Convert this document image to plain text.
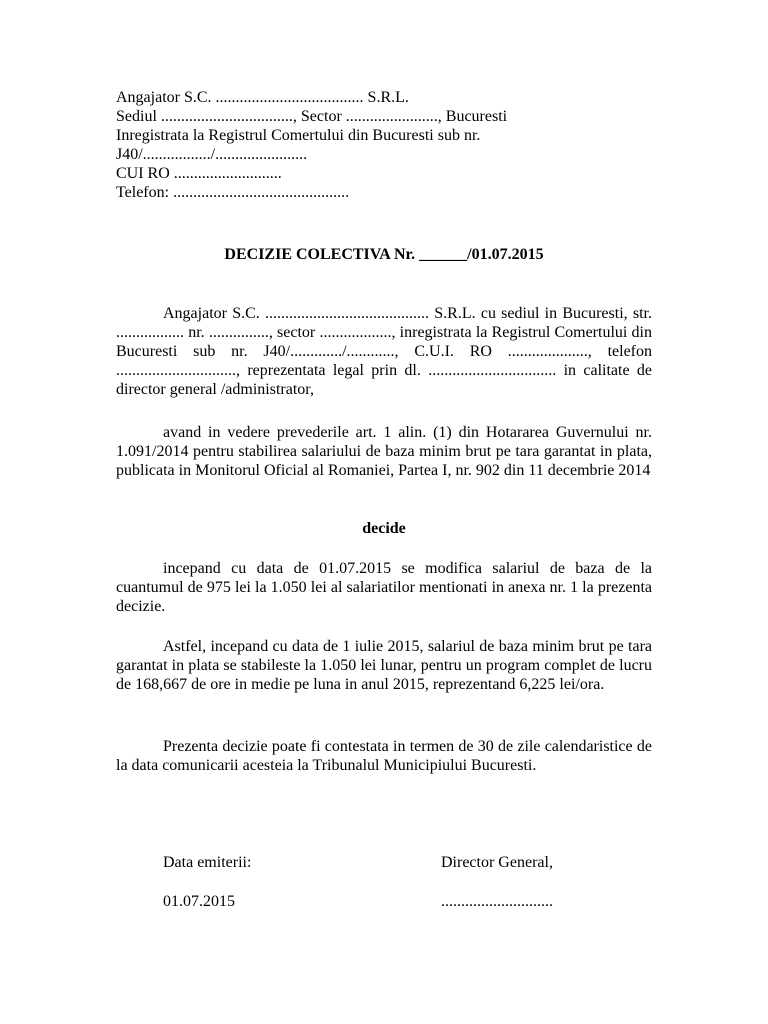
Angajator S.C. ..................................... S.R.L.
Sediul ................................., Sector ......................., Bucuresti
Inregistrata la Registrul Comertului din Bucuresti sub nr.
J40/................./.......................
CUI RO ...........................
Telefon: ............................................
DECIZIE COLECTIVA Nr. ______/01.07.2015
Angajator S.C. ......................................... S.R.L. cu sediul in Bucuresti, str. ................. nr. ..............., sector .................., inregistrata la Registrul Comertului din Bucuresti sub nr. J40/............./............, C.U.I. RO ...................., telefon .............................., reprezentata legal prin dl. ................................ in calitate de director general /administrator,
avand in vedere prevederile art. 1 alin. (1) din Hotararea Guvernului nr. 1.091/2014 pentru stabilirea salariului de baza minim brut pe tara garantat in plata, publicata in Monitorul Oficial al Romaniei, Partea I, nr. 902 din 11 decembrie 2014
decide
incepand cu data de 01.07.2015 se modifica salariul de baza de la cuantumul de 975 lei la 1.050 lei al salariatilor mentionati in anexa nr. 1 la prezenta decizie.
Astfel, incepand cu data de 1 iulie 2015, salariul de baza minim brut pe tara garantat in plata se stabileste la 1.050 lei lunar, pentru un program complet de lucru de 168,667 de ore in medie pe luna in anul 2015, reprezentand 6,225 lei/ora.
Prezenta decizie poate fi contestata in termen de 30 de zile calendaristice de la data comunicarii acesteia la Tribunalul Municipiului Bucuresti.
Data emiterii:
01.07.2015
Director General,
............................
